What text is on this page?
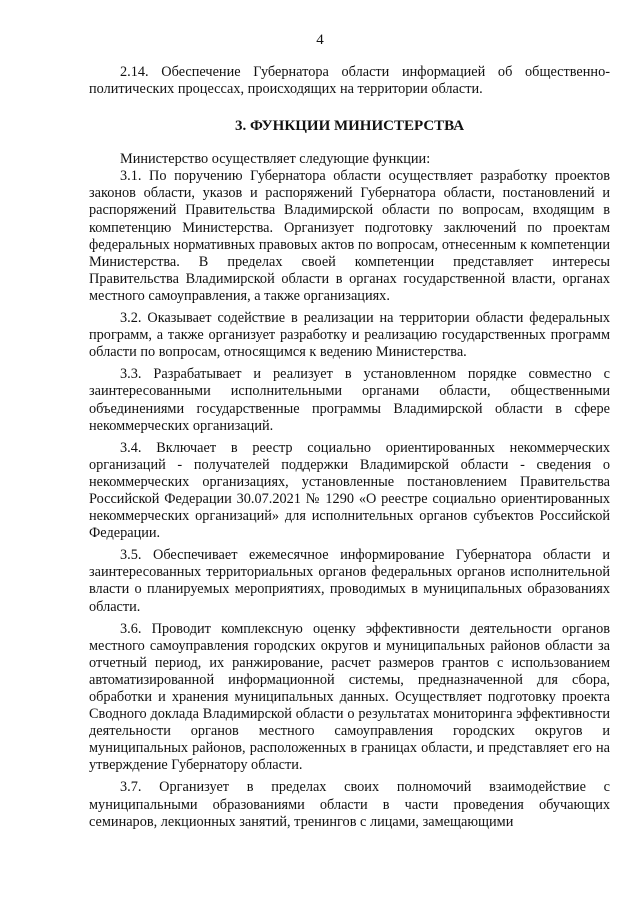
4

2.14. Обеспечение Губернатора области информацией об общественно-политических процессах, происходящих на территории области.

3. ФУНКЦИИ МИНИСТЕРСТВА

Министерство осуществляет следующие функции:

3.1. По поручению Губернатора области осуществляет разработку проектов законов области, указов и распоряжений Губернатора области, постановлений и распоряжений Правительства Владимирской области по вопросам, входящим в компетенцию Министерства. Организует подготовку заключений по проектам федеральных нормативных правовых актов по вопросам, отнесенным к компетенции Министерства. В пределах своей компетенции представляет интересы Правительства Владимирской области в органах государственной власти, органах местного самоуправления, а также организациях.

3.2. Оказывает содействие в реализации на территории области федеральных программ, а также организует разработку и реализацию государственных программ области по вопросам, относящимся к ведению Министерства.

3.3. Разрабатывает и реализует в установленном порядке совместно с заинтересованными исполнительными органами области, общественными объединениями государственные программы Владимирской области в сфере некоммерческих организаций.

3.4. Включает в реестр социально ориентированных некоммерческих организаций - получателей поддержки Владимирской области - сведения о некоммерческих организациях, установленные постановлением Правительства Российской Федерации 30.07.2021 № 1290 «О реестре социально ориентированных некоммерческих организаций» для исполнительных органов субъектов Российской Федерации.

3.5. Обеспечивает ежемесячное информирование Губернатора области и заинтересованных территориальных органов федеральных органов исполнительной власти о планируемых мероприятиях, проводимых в муниципальных образованиях области.

3.6. Проводит комплексную оценку эффективности деятельности органов местного самоуправления городских округов и муниципальных районов области за отчетный период, их ранжирование, расчет размеров грантов с использованием автоматизированной информационной системы, предназначенной для сбора, обработки и хранения муниципальных данных. Осуществляет подготовку проекта Сводного доклада Владимирской области о результатах мониторинга эффективности деятельности органов местного самоуправления городских округов и муниципальных районов, расположенных в границах области, и представляет его на утверждение Губернатору области.

3.7. Организует в пределах своих полномочий взаимодействие с муниципальными образованиями области в части проведения обучающих семинаров, лекционных занятий, тренингов с лицами, замещающими
